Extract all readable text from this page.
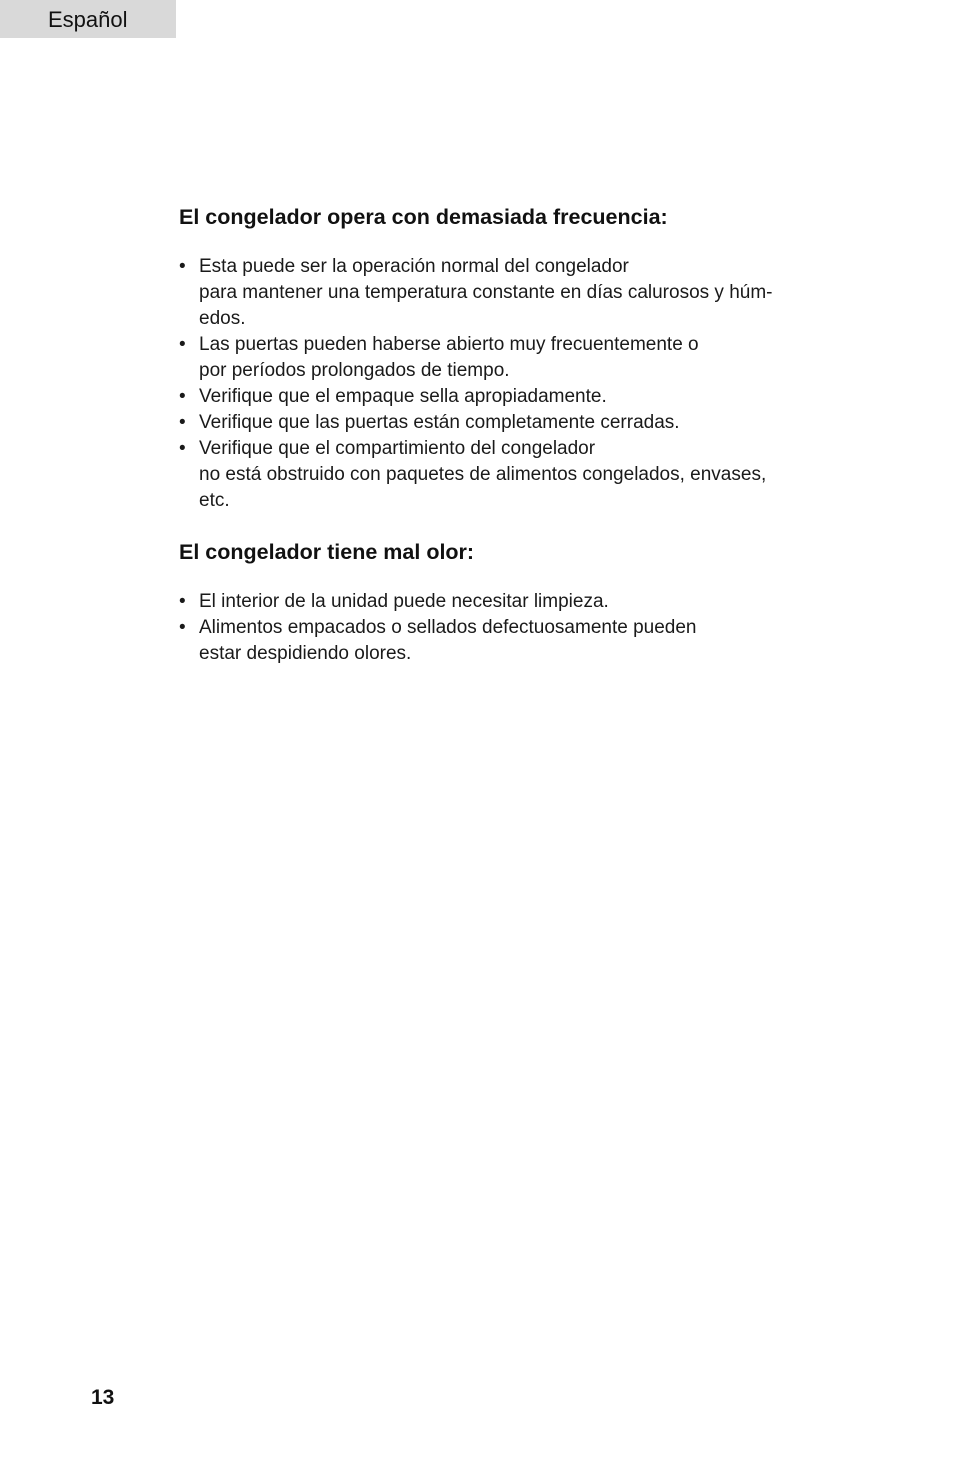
Español
El congelador opera con demasiada frecuencia:
• Esta puede ser la operación normal del congelador
para mantener una temperatura constante en días calurosos y húm-
edos.
• Las puertas pueden haberse abierto muy frecuentemente o
por períodos prolongados de tiempo.
• Verifique que el empaque sella apropiadamente.
• Verifique que las puertas están completamente cerradas.
• Verifique que el compartimiento del congelador
no está obstruido con paquetes de alimentos congelados, envases,
etc.
El congelador tiene mal olor:
• El interior de la unidad puede necesitar limpieza.
• Alimentos empacados o sellados defectuosamente pueden
estar despidiendo olores.
13
